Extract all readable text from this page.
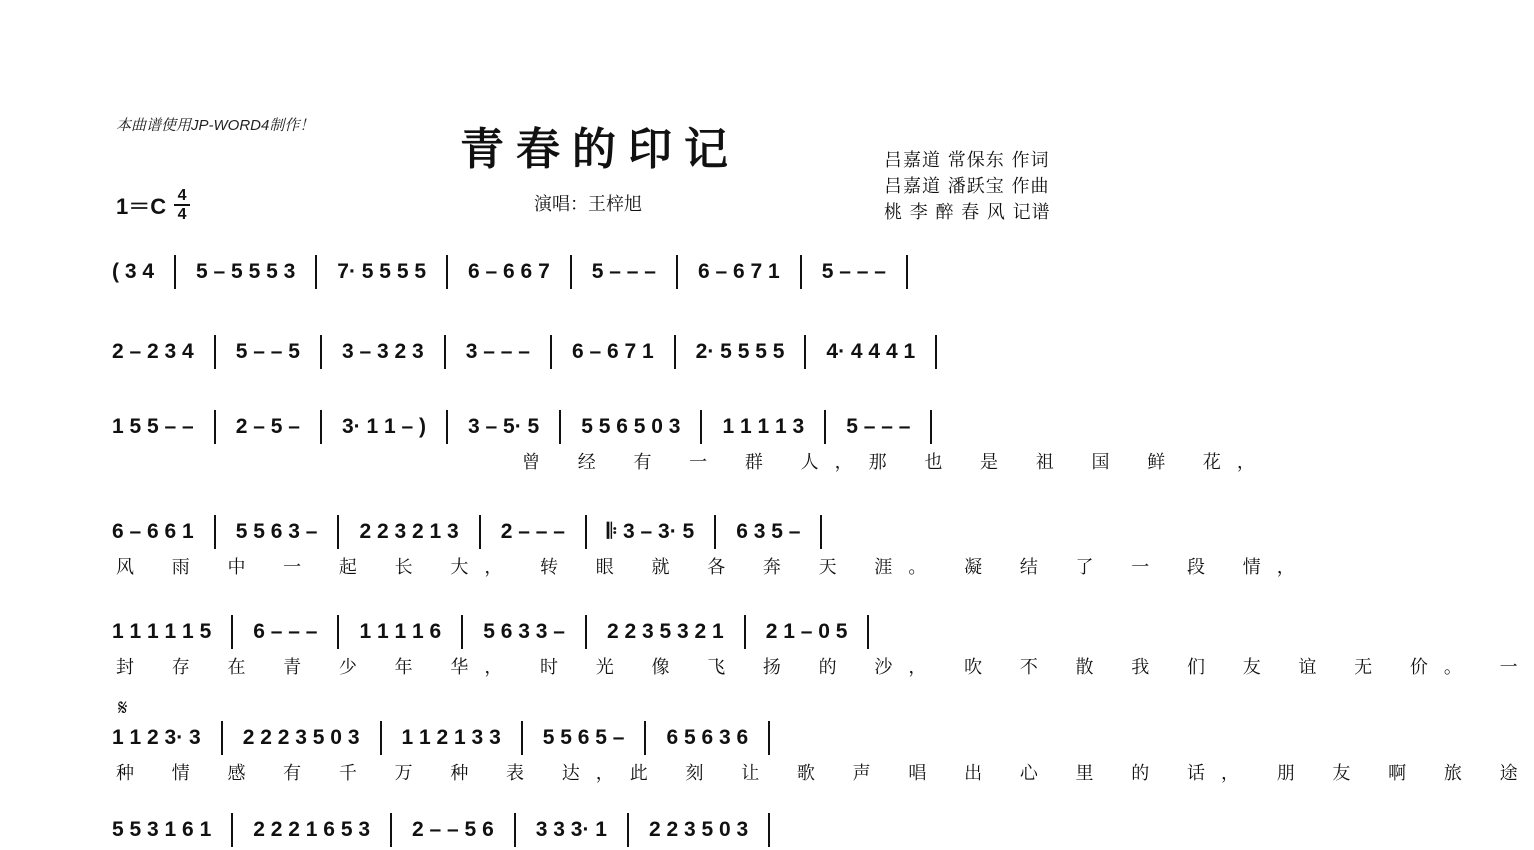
本曲谱使用JP-WORD4制作！	青春的印记
演唱：王梓旭
吕嘉道 常保东 作词
吕嘉道 潘跃宝 作曲
桃 李 醉 春 风 记谱
1＝C 4
4
( 3 4 5 – 5 5 5 3 7· 5 5 5 5 6 – 6 6 7 5 – – – 6 – 6 7 1 5 – – –
2 – 2 3 4 5 – – 5 3 – 3 2 3 3 – – – 6 – 6 7 1 2· 5 5 5 5 4· 4 4 4 1
1 5 5 – – 2 – 5 – 3· 1 1 – ) 3 – 5· 5 5 5 6 5 0 3 1 1 1 1 3 5 – – –
曾 经 有 一 群 人，那 也 是 祖 国 鲜 花，
6 – 6 6 1 5 5 6 3 – 2 2 3 2 1 3 2 – – – 𝄆 3 – 3· 5 6 3 5 –
风 雨 中 一 起 长 大， 转 眼 就 各 奔 天 涯。 凝 结 了 一 段 情，
1 1 1 1 1 5 6 – – – 1 1 1 1 6 5 6 3 3 – 2 2 3 5 3 2 1 2 1 – 0 5
封 存 在 青 少 年 华， 时 光 像 飞 扬 的 沙， 吹 不 散 我 们 友 谊 无 价。 一
𝄋
1 1 2 3· 3 2 2 2 3 5 0 3 1 1 2 1 3 3 5 5 6 5 – 6 5 6 3 6
种 情 感 有 千 万 种 表 达，此 刻 让 歌 声 唱 出 心 里 的 话， 朋 友 啊 旅 途
5 5 3 1 6 1 2 2 2 1 6 5 3 2 – – 5 6 3 3 3· 1 2 2 3 5 0 3
